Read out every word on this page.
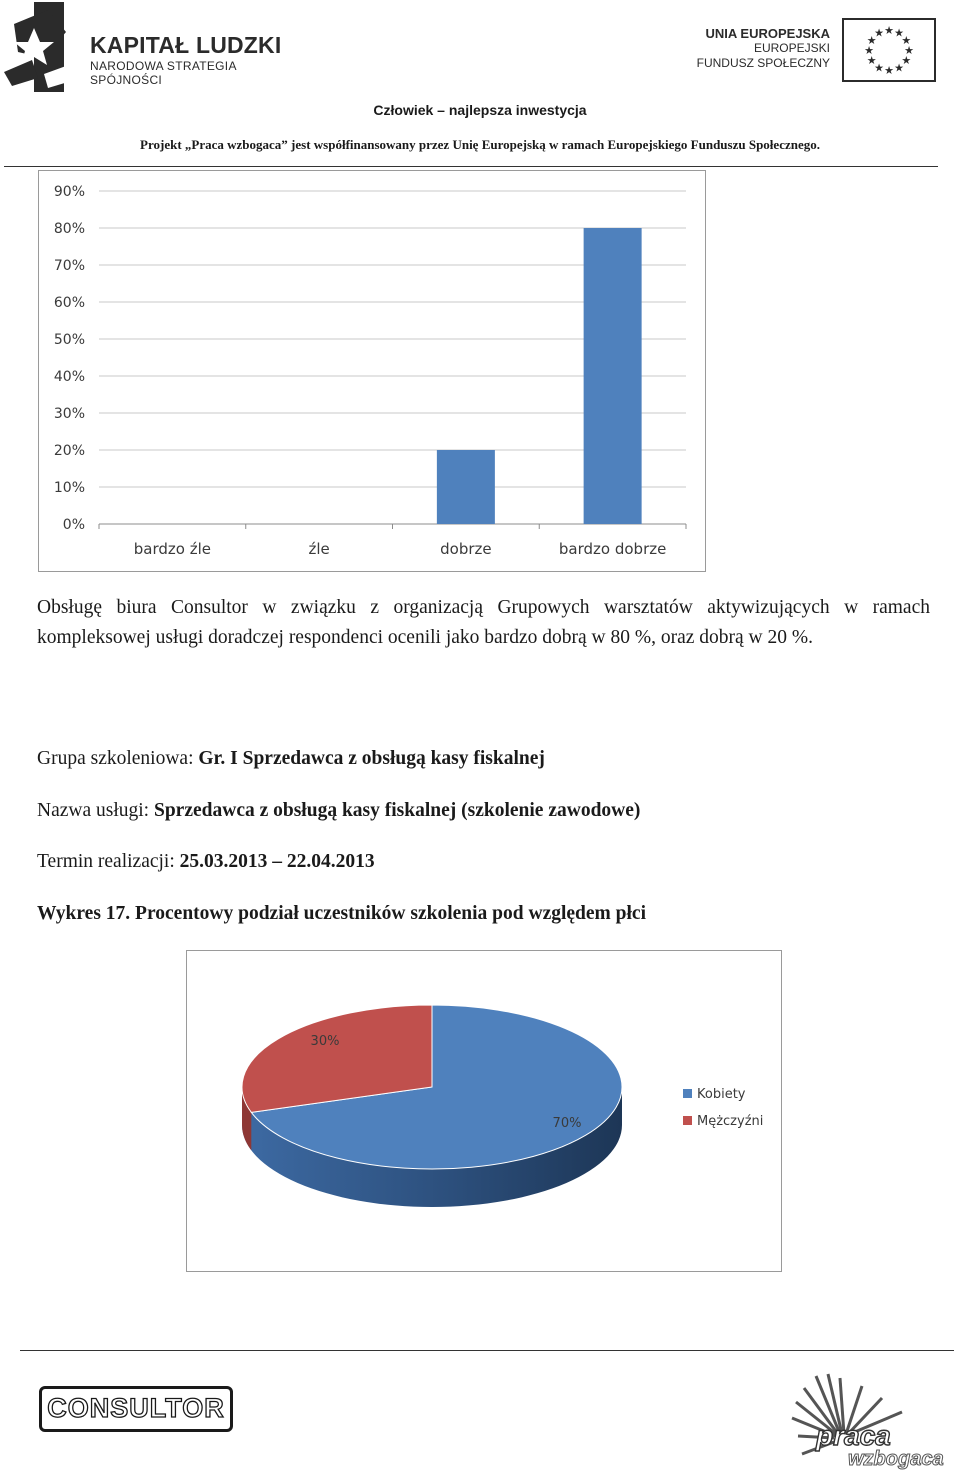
KAPITAŁ LUDZKI
NARODOWA STRATEGIA SPÓJNOŚCI
UNIA EUROPEJSKA
EUROPEJSKI
FUNDUSZ SPOŁECZNY
★ ★
★
★
★
★
★
★
★
★
★
★
Człowiek – najlepsza inwestycja
Projekt „Praca wzbogaca” jest współfinansowany przez Unię Europejską w ramach Europejskiego Funduszu Społecznego.
0%
10%
20%
30%
40%
50%
60%
70%
80%
90%
bardzo źle	źle	dobrze	bardzo dobrze

Obsługę biura Consultor w związku z organizacją Grupowych warsztatów aktywizujących w ramach kompleksowej usługi doradczej respondenci ocenili jako bardzo dobrą w 80 %, oraz dobrą w 20 %.

Grupa szkoleniowa: Gr. I Sprzedawca z obsługą kasy fiskalnej
Nazwa usługi: Sprzedawca z obsługą kasy fiskalnej (szkolenie zawodowe)
Termin realizacji: 25.03.2013 – 22.04.2013
Wykres 17. Procentowy podział uczestników szkolenia pod względem płci
70%
30%
Kobiety
Mężczyźni
CONSULTOR
praca
wzbogaca
